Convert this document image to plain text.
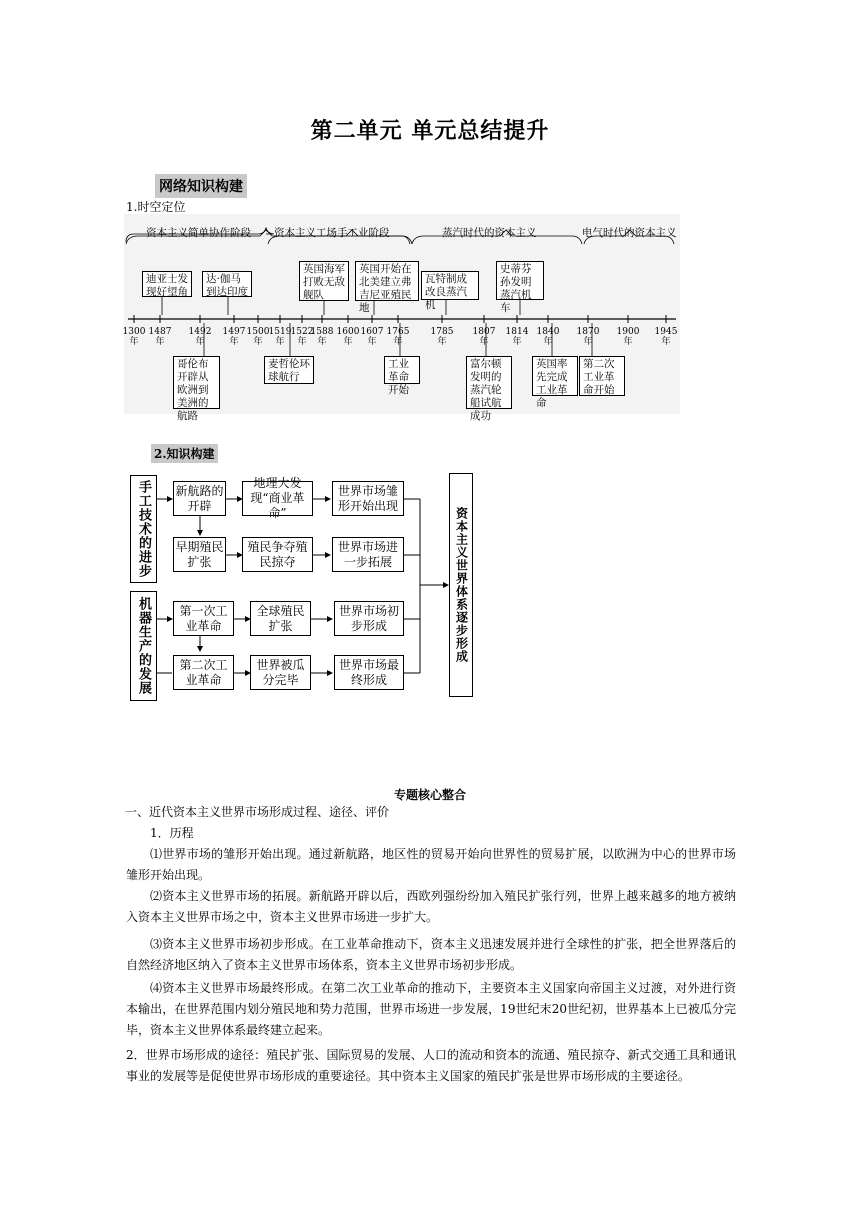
第二单元 单元总结提升
网络知识构建
1.时空定位
资本主义简单协作阶段 资本主义工场手工业阶段	蒸汽时代的资本主义	电气时代的资本主义
迪亚士发现好望角
达·伽马到达印度
英国海军打败无敌舰队
英国开始在北美建立弗吉尼亚殖民地
瓦特制成改良蒸汽机
史蒂芬孙发明蒸汽机车
哥伦布开辟从欧洲到美洲的航路
麦哲伦环球航行
工业革命开始
富尔顿发明的蒸汽轮船试航成功
英国率先完成工业革命
第二次工业革命开始
1300年
1487年
1492年
1497年
1500年
1519年
1522年
1588年
1600年
1607年
1765年
1785年
1807年
1814年
1840年
1870年
1900年
1945年
2.知识构建
手工技术的进步
机器生产的发展
新航路的开辟
地理大发现“商业革命”
世界市场雏形开始出现
早期殖民扩张
殖民争夺殖民掠夺
世界市场进一步拓展
第一次工业革命
全球殖民扩张
世界市场初步形成
第二次工业革命
世界被瓜分完毕
世界市场最终形成
资本主义世界体系逐步形成
专题核心整合
一、近代资本主义世界市场形成过程、途径、评价
1．历程
⑴世界市场的雏形开始出现。通过新航路，地区性的贸易开始向世界性的贸易扩展，以欧洲为中心的世界市场雏形开始出现。
⑵资本主义世界市场的拓展。新航路开辟以后，西欧列强纷纷加入殖民扩张行列，世界上越来越多的地方被纳入资本主义世界市场之中，资本主义世界市场进一步扩大。
⑶资本主义世界市场初步形成。在工业革命推动下，资本主义迅速发展并进行全球性的扩张，把全世界落后的自然经济地区纳入了资本主义世界市场体系，资本主义世界市场初步形成。
⑷资本主义世界市场最终形成。在第二次工业革命的推动下，主要资本主义国家向帝国主义过渡，对外进行资本输出，在世界范围内划分殖民地和势力范围，世界市场进一步发展，19世纪末20世纪初，世界基本上已被瓜分完毕，资本主义世界体系最终建立起来。
2．世界市场形成的途径：殖民扩张、国际贸易的发展、人口的流动和资本的流通、殖民掠夺、新式交通工具和通讯事业的发展等是促使世界市场形成的重要途径。其中资本主义国家的殖民扩张是世界市场形成的主要途径。
